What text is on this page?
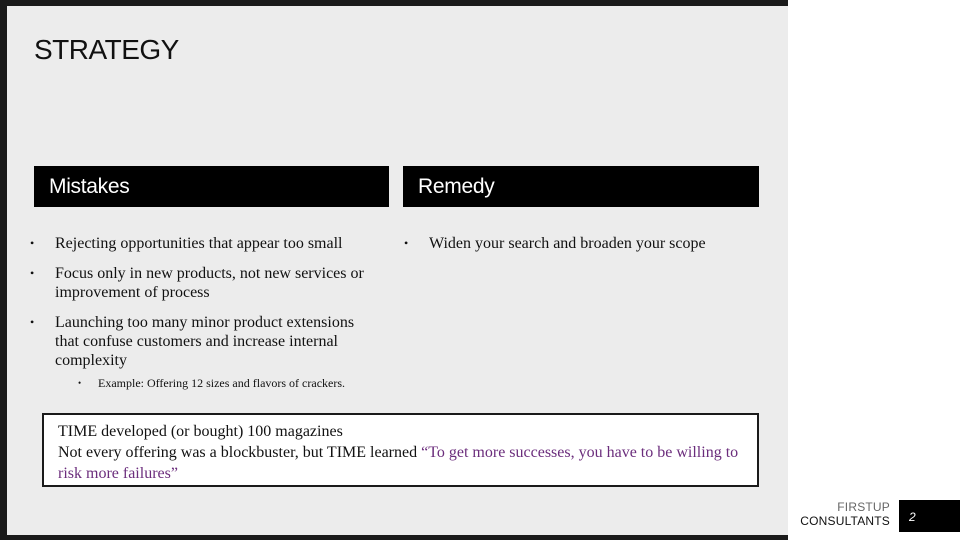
STRATEGY
Mistakes	Remedy
• Rejecting opportunities that appear too small
• Focus only in new products, not new services or improvement of process
• Launching too many minor product extensions that confuse customers and increase internal complexity
• Example: Offering 12 sizes and flavors of crackers.
• Widen your search and broaden your scope
TIME developed (or bought) 100 magazines
Not every offering was a blockbuster, but TIME learned “To get more successes, you have to be willing to risk more failures”
FIRSTUP
CONSULTANTS	2
